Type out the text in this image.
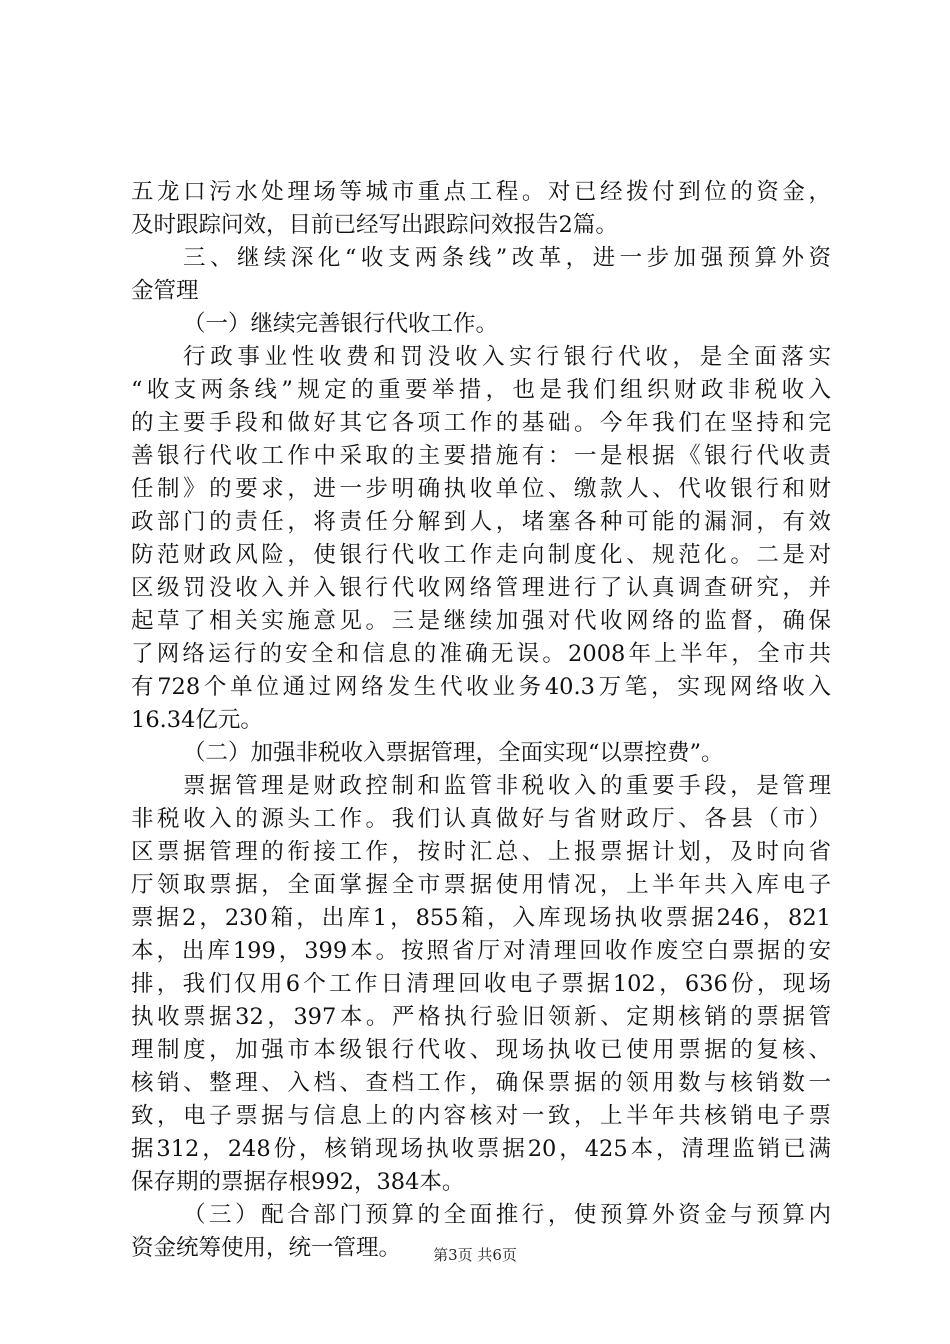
五龙口污水处理场等城市重点工程。对已经拨付到位的资金，
及时跟踪问效，目前已经写出跟踪问效报告2篇。
三、继续深化“收支两条线”改革，进一步加强预算外资
金管理
（一）继续完善银行代收工作。
行政事业性收费和罚没收入实行银行代收，是全面落实
“收支两条线”规定的重要举措，也是我们组织财政非税收入
的主要手段和做好其它各项工作的基础。今年我们在坚持和完
善银行代收工作中采取的主要措施有：一是根据《银行代收责
任制》的要求，进一步明确执收单位、缴款人、代收银行和财
政部门的责任，将责任分解到人，堵塞各种可能的漏洞，有效
防范财政风险，使银行代收工作走向制度化、规范化。二是对
区级罚没收入并入银行代收网络管理进行了认真调查研究，并
起草了相关实施意见。三是继续加强对代收网络的监督，确保
了网络运行的安全和信息的准确无误。2008年上半年，全市共
有728个单位通过网络发生代收业务40.3万笔，实现网络收入
16.34亿元。
（二）加强非税收入票据管理，全面实现“以票控费”。
票据管理是财政控制和监管非税收入的重要手段，是管理
非税收入的源头工作。我们认真做好与省财政厅、各县（市）
区票据管理的衔接工作，按时汇总、上报票据计划，及时向省
厅领取票据，全面掌握全市票据使用情况，上半年共入库电子
票据2，230箱，出库1，855箱，入库现场执收票据246，821
本，出库199，399本。按照省厅对清理回收作废空白票据的安
排，我们仅用6个工作日清理回收电子票据102，636份，现场
执收票据32，397本。严格执行验旧领新、定期核销的票据管
理制度，加强市本级银行代收、现场执收已使用票据的复核、
核销、整理、入档、查档工作，确保票据的领用数与核销数一
致，电子票据与信息上的内容核对一致，上半年共核销电子票
据312，248份，核销现场执收票据20，425本，清理监销已满
保存期的票据存根992，384本。
（三）配合部门预算的全面推行，使预算外资金与预算内
资金统筹使用，统一管理。	第3页 共6页
